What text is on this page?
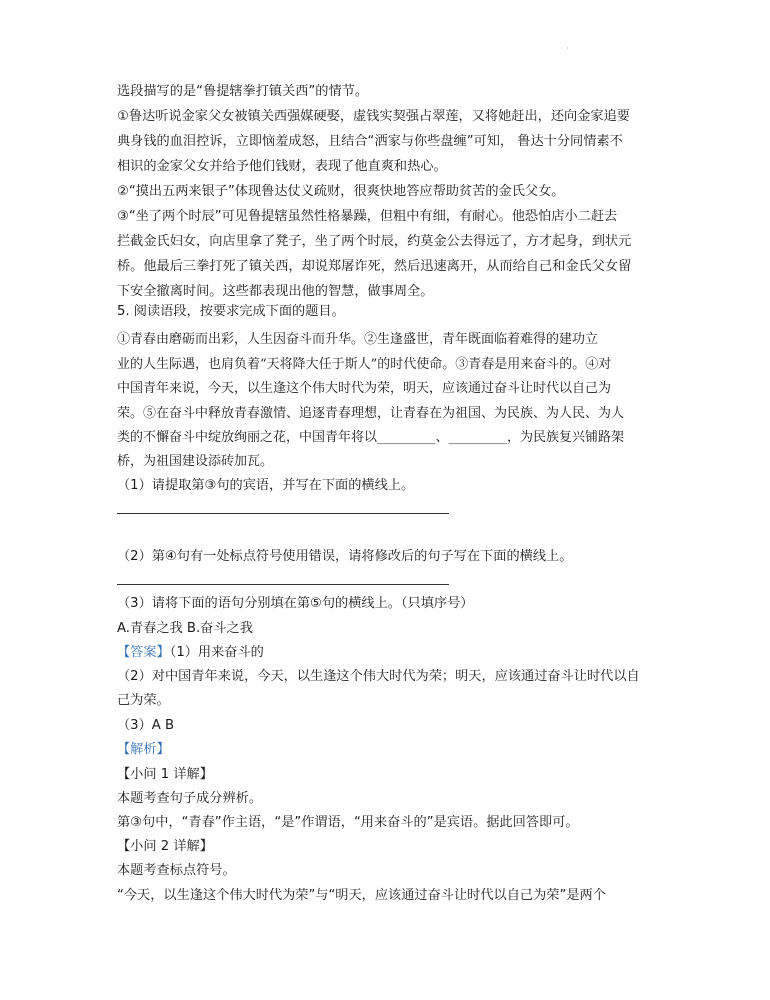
·
选段描写的是“鲁提辖拳打镇关西”的情节。
①鲁达听说金家父女被镇关西强媒硬娶，虚钱实契强占翠莲，又将她赶出，还向金家追要
典身钱的血泪控诉，立即恼羞成怒，且结合“洒家与你些盘缠”可知， 鲁达十分同情素不
相识的金家父女并给予他们钱财，表现了他直爽和热心。
②“摸出五两来银子”体现鲁达仗义疏财，很爽快地答应帮助贫苦的金氏父女。
③“坐了两个时辰”可见鲁提辖虽然性格暴躁，但粗中有细，有耐心。他恐怕店小二赶去
拦截金氏妇女，向店里拿了凳子，坐了两个时辰，约莫金公去得远了，方才起身，到状元
桥。他最后三拳打死了镇关西，却说郑屠诈死，然后迅速离开，从而给自己和金氏父女留
下安全撤离时间。这些都表现出他的智慧，做事周全。
5. 阅读语段，按要求完成下面的题目。
①青春由磨砺而出彩，人生因奋斗而升华。②生逢盛世，青年既面临着难得的建功立
业的人生际遇，也肩负着“天将降大任于斯人”的时代使命。③青春是用来奋斗的。④对
中国青年来说，今天，以生逢这个伟大时代为荣，明天，应该通过奋斗让时代以自己为
荣。⑤在奋斗中释放青春激情、追逐青春理想，让青春在为祖国、为民族、为人民、为人
类的不懈奋斗中绽放绚丽之花，中国青年将以_________、_________，为民族复兴铺路架
桥，为祖国建设添砖加瓦。
（1）请提取第③句的宾语，并写在下面的横线上。
（2）第④句有一处标点符号使用错误，请将修改后的句子写在下面的横线上。
（3）请将下面的语句分别填在第⑤句的横线上。（只填序号）
A.青春之我 B.奋斗之我
【答案】（1）用来奋斗的
（2）对中国青年来说，今天，以生逢这个伟大时代为荣；明天，应该通过奋斗让时代以自
己为荣。
（3）A B
【解析】
【小问 1 详解】
本题考查句子成分辨析。
第③句中，“青春”作主语，“是”作谓语，“用来奋斗的”是宾语。据此回答即可。
【小问 2 详解】
本题考查标点符号。
“今天，以生逢这个伟大时代为荣”与“明天，应该通过奋斗让时代以自己为荣”是两个
